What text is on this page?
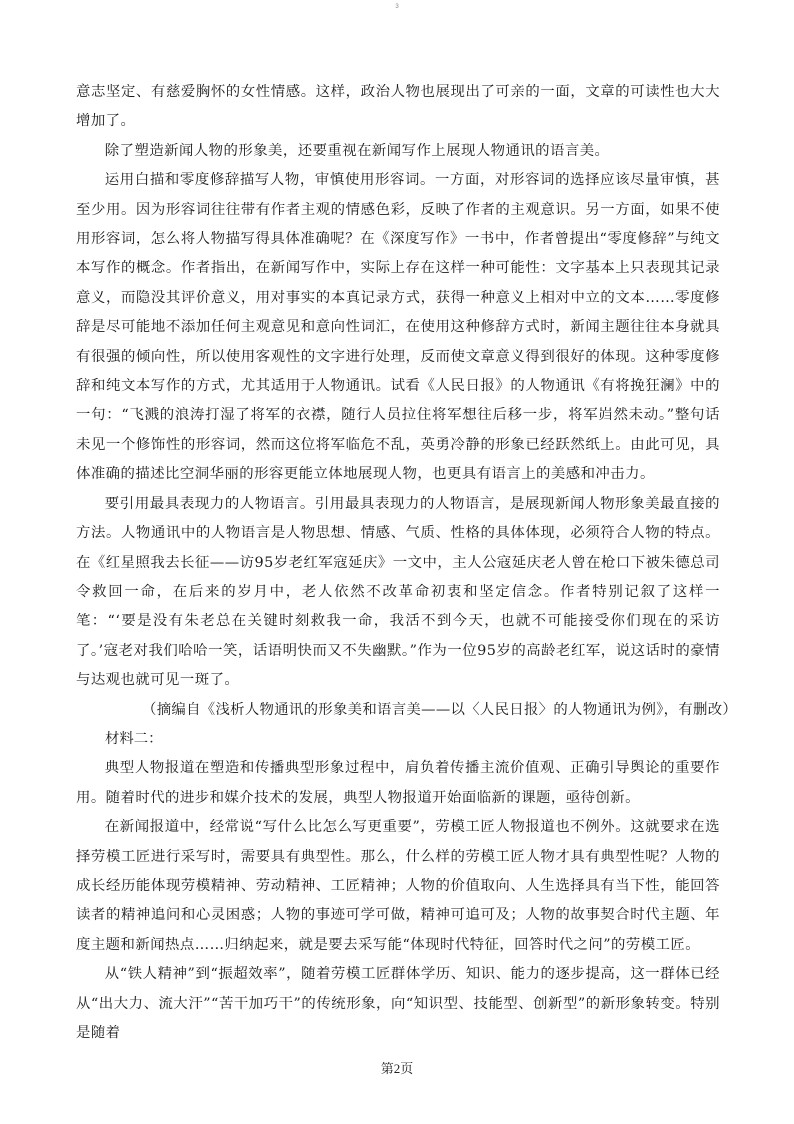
3

意志坚定、有慈爱胸怀的女性情感。这样，政治人物也展现出了可亲的一面，文章的可读性也大大增加了。

除了塑造新闻人物的形象美，还要重视在新闻写作上展现人物通讯的语言美。

运用白描和零度修辞描写人物，审慎使用形容词。一方面，对形容词的选择应该尽量审慎，甚至少用。因为形容词往往带有作者主观的情感色彩，反映了作者的主观意识。另一方面，如果不使用形容词，怎么将人物描写得具体准确呢？在《深度写作》一书中，作者曾提出“零度修辞”与纯文本写作的概念。作者指出，在新闻写作中，实际上存在这样一种可能性：文字基本上只表现其记录意义，而隐没其评价意义，用对事实的本真记录方式，获得一种意义上相对中立的文本……零度修辞是尽可能地不添加任何主观意见和意向性词汇，在使用这种修辞方式时，新闻主题往往本身就具有很强的倾向性，所以使用客观性的文字进行处理，反而使文章意义得到很好的体现。这种零度修辞和纯文本写作的方式，尤其适用于人物通讯。试看《人民日报》的人物通讯《有将挽狂澜》中的一句：“飞溅的浪涛打湿了将军的衣襟，随行人员拉住将军想往后移一步，将军岿然未动。”整句话未见一个修饰性的形容词，然而这位将军临危不乱，英勇冷静的形象已经跃然纸上。由此可见，具体准确的描述比空洞华丽的形容更能立体地展现人物，也更具有语言上的美感和冲击力。

要引用最具表现力的人物语言。引用最具表现力的人物语言，是展现新闻人物形象美最直接的方法。人物通讯中的人物语言是人物思想、情感、气质、性格的具体体现，必须符合人物的特点。在《红星照我去长征——访95岁老红军寇延庆》一文中，主人公寇延庆老人曾在枪口下被朱德总司令救回一命，在后来的岁月中，老人依然不改革命初衷和坚定信念。作者特别记叙了这样一笔：“‘要是没有朱老总在关键时刻救我一命，我活不到今天，也就不可能接受你们现在的采访了。’寇老对我们哈哈一笑，话语明快而又不失幽默。”作为一位95岁的高龄老红军，说这话时的豪情与达观也就可见一斑了。

（摘编自《浅析人物通讯的形象美和语言美——以〈人民日报〉的人物通讯为例》，有删改）

材料二：

典型人物报道在塑造和传播典型形象过程中，肩负着传播主流价值观、正确引导舆论的重要作用。随着时代的进步和媒介技术的发展，典型人物报道开始面临新的课题，亟待创新。

在新闻报道中，经常说“写什么比怎么写更重要”，劳模工匠人物报道也不例外。这就要求在选择劳模工匠进行采写时，需要具有典型性。那么，什么样的劳模工匠人物才具有典型性呢？人物的成长经历能体现劳模精神、劳动精神、工匠精神；人物的价值取向、人生选择具有当下性，能回答读者的精神追问和心灵困惑；人物的事迹可学可做，精神可追可及；人物的故事契合时代主题、年度主题和新闻热点……归纳起来，就是要去采写能“体现时代特征，回答时代之问”的劳模工匠。

从“铁人精神”到“振超效率”，随着劳模工匠群体学历、知识、能力的逐步提高，这一群体已经从“出大力、流大汗”“苦干加巧干”的传统形象，向“知识型、技能型、创新型”的新形象转变。特别是随着

第2页
